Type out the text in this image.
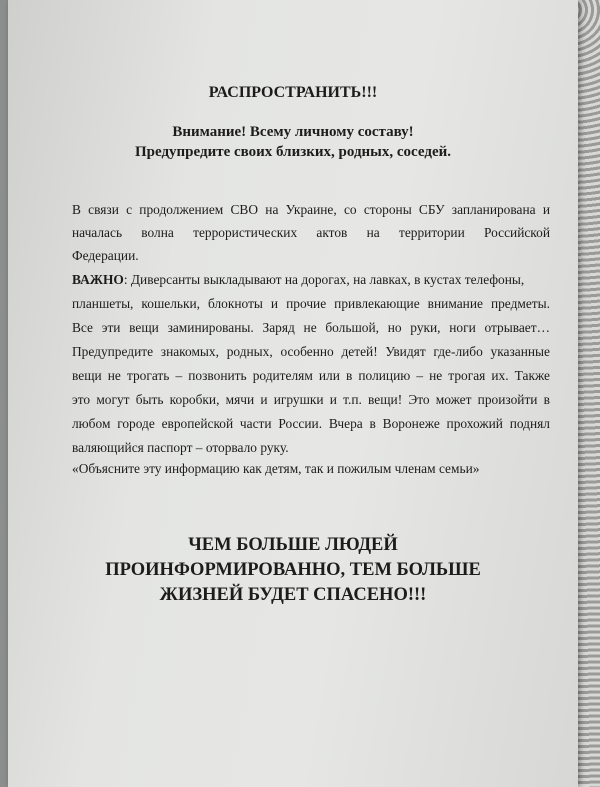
РАСПРОСТРАНИТЬ!!!
Внимание! Всему личному составу!
Предупредите своих близких, родных, соседей.
В связи с продолжением СВО на Украине, со стороны СБУ запланирована и
началась волна террористических актов на территории Российской
Федерации.
ВАЖНО: Диверсанты выкладывают на дорогах, на лавках, в кустах телефоны,
планшеты, кошельки, блокноты и прочие привлекающие внимание предметы.
Все эти вещи заминированы. Заряд не большой, но руки, ноги отрывает…
Предупредите знакомых, родных, особенно детей! Увидят где-либо указанные
вещи не трогать – позвонить родителям или в полицию – не трогая их. Также
это могут быть коробки, мячи и игрушки и т.п. вещи! Это может произойти в
любом городе европейской части России. Вчера в Воронеже прохожий поднял
валяющийся паспорт – оторвало руку.
«Объясните эту информацию как детям, так и пожилым членам семьи»
ЧЕМ БОЛЬШЕ ЛЮДЕЙ
ПРОИНФОРМИРОВАННО, ТЕМ БОЛЬШЕ
ЖИЗНЕЙ БУДЕТ СПАСЕНО!!!
